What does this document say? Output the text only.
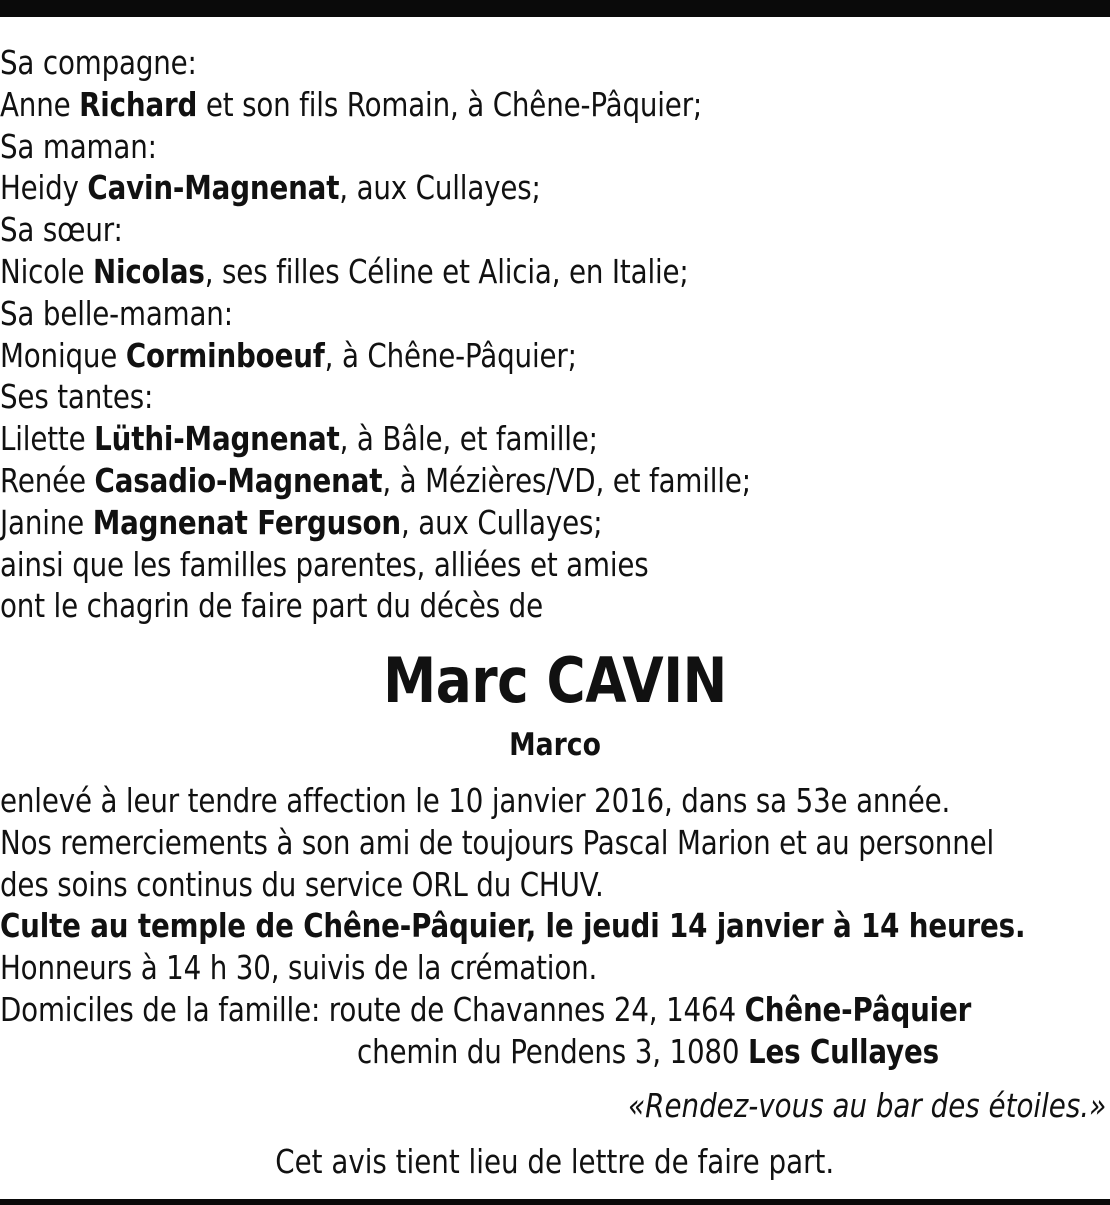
Sa compagne:
Anne Richard et son fils Romain, à Chêne-Pâquier;
Sa maman:
Heidy Cavin-Magnenat, aux Cullayes;
Sa sœur:
Nicole Nicolas, ses filles Céline et Alicia, en Italie;
Sa belle-maman:
Monique Corminboeuf, à Chêne-Pâquier;
Ses tantes:
Lilette Lüthi-Magnenat, à Bâle, et famille;
Renée Casadio-Magnenat, à Mézières/VD, et famille;
Janine Magnenat Ferguson, aux Cullayes;
ainsi que les familles parentes, alliées et amies
ont le chagrin de faire part du décès de
Marc CAVIN
Marco
enlevé à leur tendre affection le 10 janvier 2016, dans sa 53e année.
Nos remerciements à son ami de toujours Pascal Marion et au personnel
des soins continus du service ORL du CHUV.
Culte au temple de Chêne-Pâquier, le jeudi 14 janvier à 14 heures.
Honneurs à 14 h 30, suivis de la crémation.
Domiciles de la famille: route de Chavannes 24, 1464 Chêne-Pâquier
chemin du Pendens 3, 1080 Les Cullayes
«Rendez-vous au bar des étoiles.»
Cet avis tient lieu de lettre de faire part.
